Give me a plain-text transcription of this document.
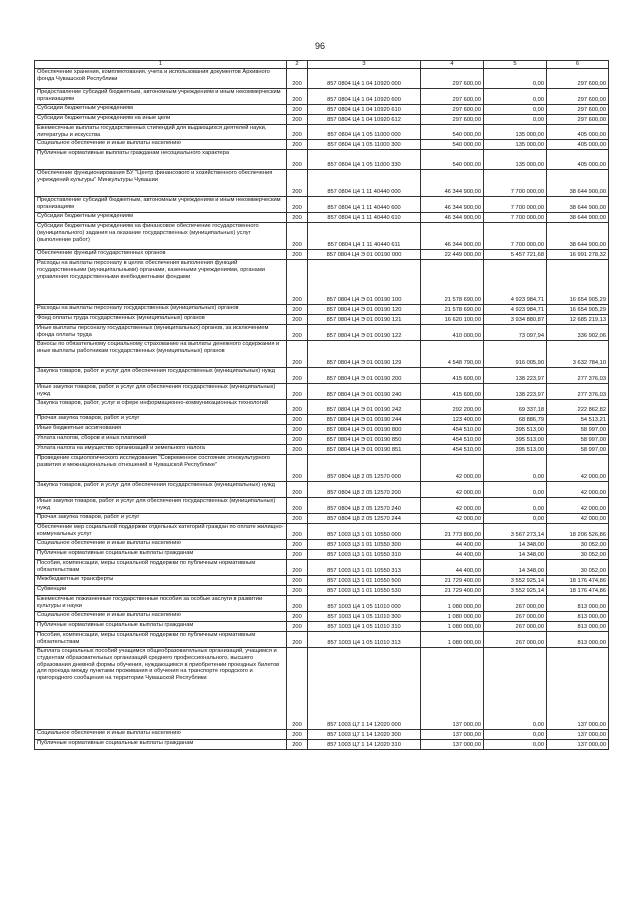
96
1	2	3	4	5	6
Обеспечение хранения, комплектования, учета и использования документов Архивного фонда Чувашской Республики	200	857 0804 Ц4 1 04 10920 000	297 600,00	0,00	297 600,00
Предоставление субсидий бюджетным, автономным учреждениям и иным некоммерческим организациям	200	857 0804 Ц4 1 04 10920 600	297 600,00	0,00	297 600,00
Субсидии бюджетным учреждениям	200	857 0804 Ц4 1 04 10920 610	297 600,00	0,00	297 600,00
Субсидии бюджетным учреждениям на иные цели	200	857 0804 Ц4 1 04 10920 612	297 600,00	0,00	297 600,00
Ежемесячные выплаты государственных стипендий для выдающихся деятелей науки, литературы и искусства	200	857 0804 Ц4 1 05 11000 000	540 000,00	135 000,00	405 000,00
Социальное обеспечение и иные выплаты населению	200	857 0804 Ц4 1 05 11000 300	540 000,00	135 000,00	405 000,00
Публичные нормативные выплаты гражданам несоциального характера	200	857 0804 Ц4 1 05 11000 330	540 000,00	135 000,00	405 000,00
Обеспечение функционирования БУ "Центр финансового и хозяйственного обеспечения учреждений культуры" Минкультуры Чувашии	200	857 0804 Ц4 1 11 40440 000	46 344 900,00	7 700 000,00	38 644 900,00
Предоставление субсидий бюджетным, автономным учреждениям и иным некоммерческим организациям	200	857 0804 Ц4 1 11 40440 600	46 344 900,00	7 700 000,00	38 644 900,00
Субсидии бюджетным учреждениям	200	857 0804 Ц4 1 11 40440 610	46 344 900,00	7 700 000,00	38 644 900,00
Субсидии бюджетным учреждениям на финансовое обеспечение государственного (муниципального) задания на оказание государственных (муниципальных) услуг (выполнение работ)	200	857 0804 Ц4 1 11 40440 611	46 344 900,00	7 700 000,00	38 644 900,00
Обеспечение функций государственных органов	200	857 0804 Ц4 Э 01 00190 000	22 449 000,00	5 457 721,68	16 991 278,32
Расходы на выплаты персоналу в целях обеспечения выполнения функций государственными (муниципальными) органами, казенными учреждениями, органами управления государственными внебюджетными фондами	200	857 0804 Ц4 Э 01 00190 100	21 578 690,00	4 923 984,71	16 654 905,29
Расходы на выплаты персоналу государственных (муниципальных) органов	200	857 0804 Ц4 Э 01 00190 120	21 578 690,00	4 923 984,71	16 654 905,29
Фонд оплаты труда государственных (муниципальных) органов	200	857 0804 Ц4 Э 01 00190 121	16 620 100,00	3 934 880,87	12 685 219,13
Иные выплаты персоналу государственных (муниципальных) органов, за исключением фонда оплаты труда	200	857 0804 Ц4 Э 01 00190 122	410 000,00	73 097,94	336 902,06
Взносы по обязательному социальному страхованию на выплаты денежного содержания и иные выплаты работникам государственных (муниципальных) органов	200	857 0804 Ц4 Э 01 00190 129	4 548 790,00	916 005,90	3 632 784,10
Закупка товаров, работ и услуг для обеспечения государственных (муниципальных) нужд	200	857 0804 Ц4 Э 01 00190 200	415 600,00	138 223,97	277 376,03
Иные закупки товаров, работ и услуг для обеспечения государственных (муниципальных) нужд	200	857 0804 Ц4 Э 01 00190 240	415 600,00	138 223,97	277 376,03
Закупка товаров, работ, услуг в сфере информационно-коммуникационных технологий	200	857 0804 Ц4 Э 01 00190 242	292 200,00	69 337,18	222 862,82
Прочая закупка товаров, работ и услуг	200	857 0804 Ц4 Э 01 00190 244	123 400,00	68 886,79	54 513,21
Иные бюджетные ассигнования	200	857 0804 Ц4 Э 01 00190 800	454 510,00	395 513,00	58 997,00
Уплата налогов, сборов и иных платежей	200	857 0804 Ц4 Э 01 00190 850	454 510,00	395 513,00	58 997,00
Уплата налога на имущество организаций и земельного налога	200	857 0804 Ц4 Э 01 00190 851	454 510,00	395 513,00	58 997,00
Проведение социологического исследования "Современное состояние этнокультурного развития и межнациональных отношений в Чувашской Республике"	200	857 0804 Ц8 2 05 12570 000	42 000,00	0,00	42 000,00
Закупка товаров, работ и услуг для обеспечения государственных (муниципальных) нужд	200	857 0804 Ц8 2 05 12570 200	42 000,00	0,00	42 000,00
Иные закупки товаров, работ и услуг для обеспечения государственных (муниципальных) нужд	200	857 0804 Ц8 2 05 12570 240	42 000,00	0,00	42 000,00
Прочая закупка товаров, работ и услуг	200	857 0804 Ц8 2 05 12570 244	42 000,00	0,00	42 000,00
Обеспечение мер социальной поддержки отдельных категорий граждан по оплате жилищно-коммунальных услуг	200	857 1003 Ц3 1 01 10550 000	21 773 800,00	3 567 273,14	18 206 526,86
Социальное обеспечение и иные выплаты населению	200	857 1003 Ц3 1 01 10550 300	44 400,00	14 348,00	30 052,00
Публичные нормативные социальные выплаты гражданам	200	857 1003 Ц3 1 01 10550 310	44 400,00	14 348,00	30 052,00
Пособия, компенсации, меры социальной поддержки по публичным нормативным обязательствам	200	857 1003 Ц3 1 01 10550 313	44 400,00	14 348,00	30 052,00
Межбюджетные трансферты	200	857 1003 Ц3 1 01 10550 500	21 729 400,00	3 552 925,14	18 176 474,86
Субвенции	200	857 1003 Ц3 1 01 10550 530	21 729 400,00	3 552 925,14	18 176 474,86
Ежемесячные пожизненные государственные пособия за особые заслуги в развитии культуры и науки	200	857 1003 Ц4 1 05 11010 000	1 080 000,00	267 000,00	813 000,00
Социальное обеспечение и иные выплаты населению	200	857 1003 Ц4 1 05 11010 300	1 080 000,00	267 000,00	813 000,00
Публичные нормативные социальные выплаты гражданам	200	857 1003 Ц4 1 05 11010 310	1 080 000,00	267 000,00	813 000,00
Пособия, компенсации, меры социальной поддержки по публичным нормативным обязательствам	200	857 1003 Ц4 1 05 11010 313	1 080 000,00	267 000,00	813 000,00
Выплата социальных пособий учащимся общеобразовательных организаций, учащимся и студентам образовательных организаций среднего профессионального, высшего образования дневной формы обучения, нуждающимся в приобретении проездных билетов для проезда между пунктами проживания и обучения на транспорте городского и пригородного сообщения на территории Чувашской Республики	200	857 1003 Ц7 1 14 12020 000	137 000,00	0,00	137 000,00
Социальное обеспечение и иные выплаты населению	200	857 1003 Ц7 1 14 12020 300	137 000,00	0,00	137 000,00
Публичные нормативные социальные выплаты гражданам	200	857 1003 Ц7 1 14 12020 310	137 000,00	0,00	137 000,00
